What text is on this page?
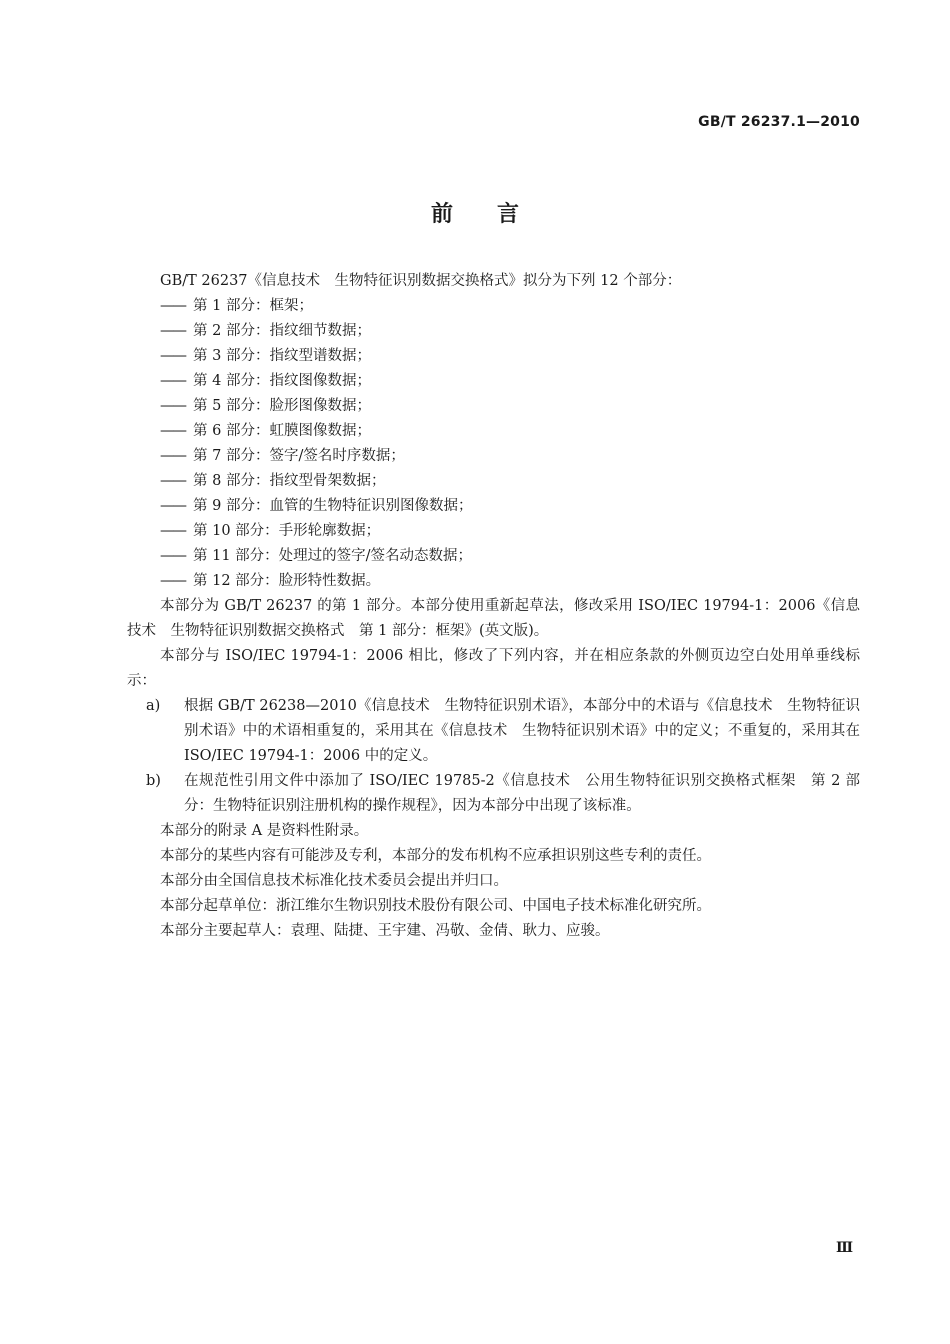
GB/T 26237.1—2010
前言

GB/T 26237《信息技术　生物特征识别数据交换格式》拟分为下列 12 个部分：

—— 第 1 部分：框架；

—— 第 2 部分：指纹细节数据；

—— 第 3 部分：指纹型谱数据；

—— 第 4 部分：指纹图像数据；

—— 第 5 部分：脸形图像数据；

—— 第 6 部分：虹膜图像数据；

—— 第 7 部分：签字/签名时序数据；

—— 第 8 部分：指纹型骨架数据；

—— 第 9 部分：血管的生物特征识别图像数据；

—— 第 10 部分：手形轮廓数据；

—— 第 11 部分：处理过的签字/签名动态数据；

—— 第 12 部分：脸形特性数据。

本部分为 GB/T 26237 的第 1 部分。本部分使用重新起草法，修改采用 ISO/IEC 19794-1：2006《信息技术　生物特征识别数据交换格式　第 1 部分：框架》(英文版)。

本部分与 ISO/IEC 19794-1：2006 相比，修改了下列内容，并在相应条款的外侧页边空白处用单垂线标示：

a)	根据 GB/T 26238—2010《信息技术　生物特征识别术语》，本部分中的术语与《信息技术　生物特征识别术语》中的术语相重复的，采用其在《信息技术　生物特征识别术语》中的定义；不重复的，采用其在 ISO/IEC 19794-1：2006 中的定义。
b)	在规范性引用文件中添加了 ISO/IEC 19785-2《信息技术　公用生物特征识别交换格式框架　第 2 部分：生物特征识别注册机构的操作规程》，因为本部分中出现了该标准。

本部分的附录 A 是资料性附录。

本部分的某些内容有可能涉及专利，本部分的发布机构不应承担识别这些专利的责任。

本部分由全国信息技术标准化技术委员会提出并归口。

本部分起草单位：浙江维尔生物识别技术股份有限公司、中国电子技术标准化研究所。

本部分主要起草人：袁理、陆捷、王宇建、冯敬、金倩、耿力、应骏。

Ⅲ
